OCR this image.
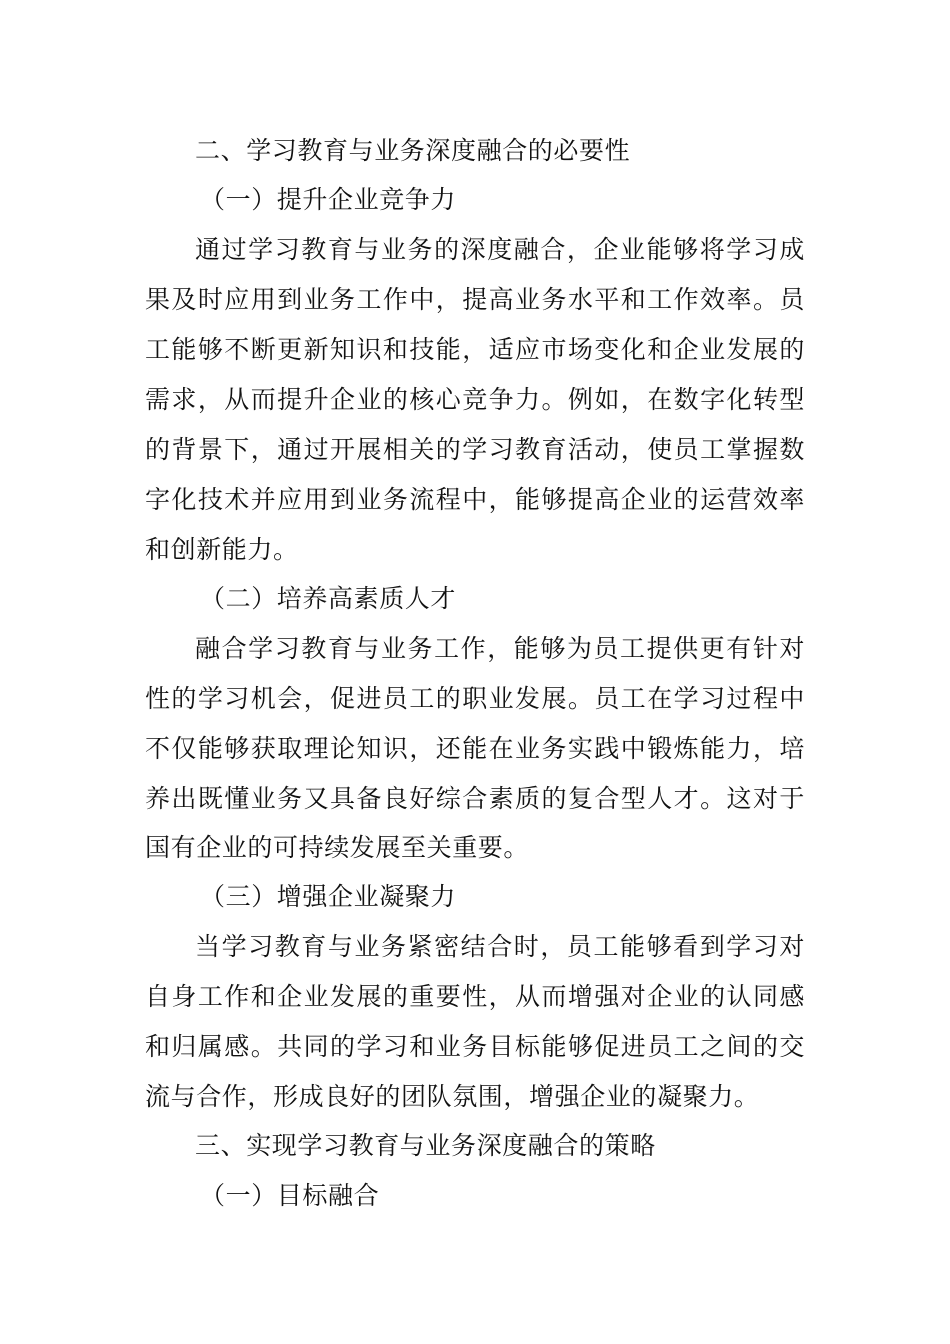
二、学习教育与业务深度融合的必要性
（一）提升企业竞争力
通过学习教育与业务的深度融合，企业能够将学习成
果及时应用到业务工作中，提高业务水平和工作效率。员
工能够不断更新知识和技能，适应市场变化和企业发展的
需求，从而提升企业的核心竞争力。例如，在数字化转型
的背景下，通过开展相关的学习教育活动，使员工掌握数
字化技术并应用到业务流程中，能够提高企业的运营效率
和创新能力。
（二）培养高素质人才
融合学习教育与业务工作，能够为员工提供更有针对
性的学习机会，促进员工的职业发展。员工在学习过程中
不仅能够获取理论知识，还能在业务实践中锻炼能力，培
养出既懂业务又具备良好综合素质的复合型人才。这对于
国有企业的可持续发展至关重要。
（三）增强企业凝聚力
当学习教育与业务紧密结合时，员工能够看到学习对
自身工作和企业发展的重要性，从而增强对企业的认同感
和归属感。共同的学习和业务目标能够促进员工之间的交
流与合作，形成良好的团队氛围，增强企业的凝聚力。
三、实现学习教育与业务深度融合的策略
（一）目标融合
